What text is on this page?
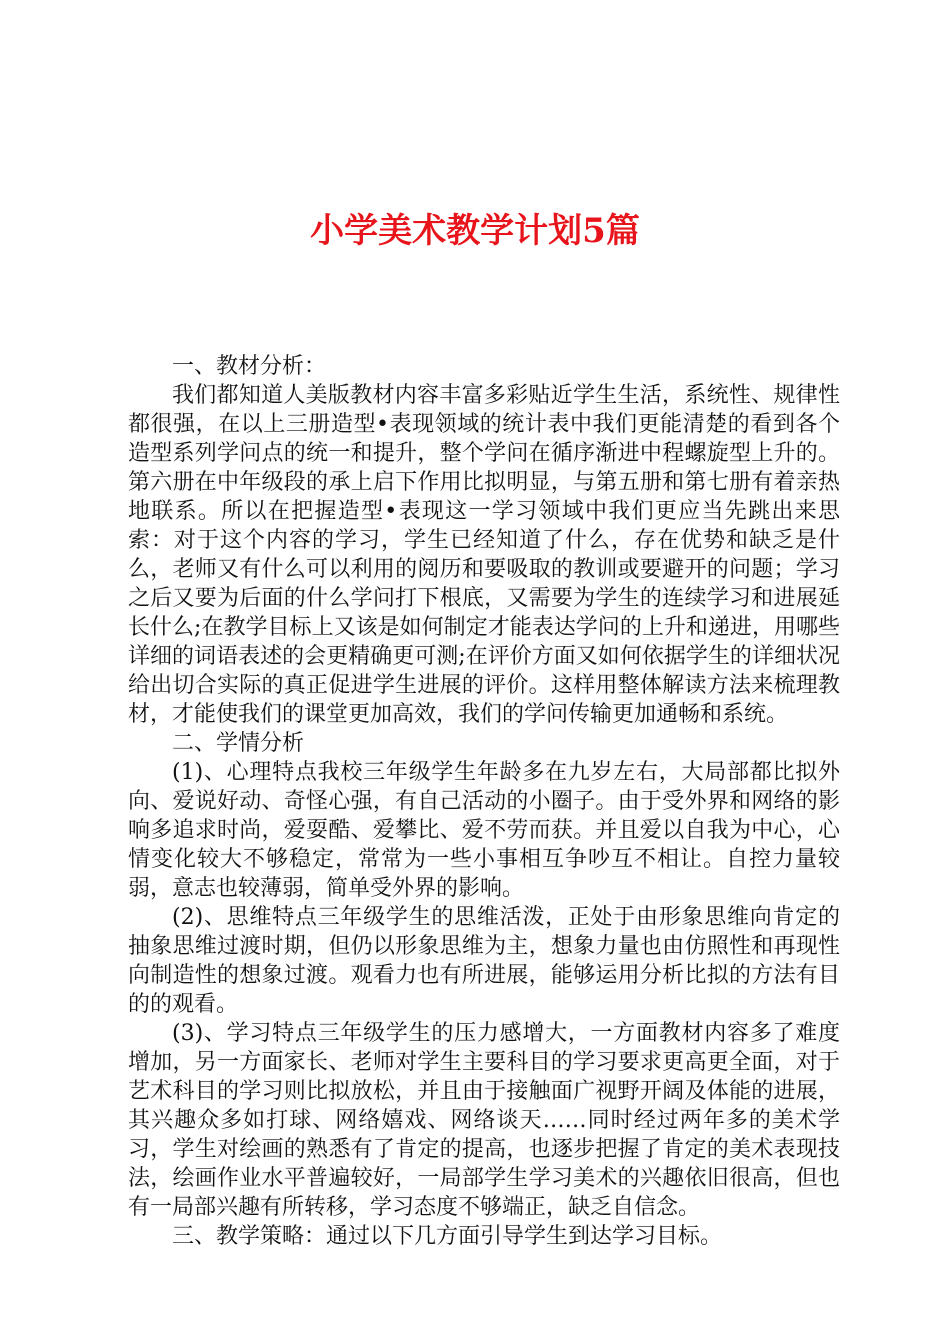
小学美术教学计划5篇

一、教材分析：

我们都知道人美版教材内容丰富多彩贴近学生生活，系统性、规律性都很强，在以上三册造型•表现领域的统计表中我们更能清楚的看到各个造型系列学问点的统一和提升，整个学问在循序渐进中程螺旋型上升的。第六册在中年级段的承上启下作用比拟明显，与第五册和第七册有着亲热地联系。所以在把握造型•表现这一学习领域中我们更应当先跳出来思索：对于这个内容的学习，学生已经知道了什么，存在优势和缺乏是什么，老师又有什么可以利用的阅历和要吸取的教训或要避开的问题；学习之后又要为后面的什么学问打下根底，又需要为学生的连续学习和进展延长什么;在教学目标上又该是如何制定才能表达学问的上升和递进，用哪些详细的词语表述的会更精确更可测;在评价方面又如何依据学生的详细状况给出切合实际的真正促进学生进展的评价。这样用整体解读方法来梳理教材，才能使我们的课堂更加高效，我们的学问传输更加通畅和系统。

二、学情分析

(1)、心理特点我校三年级学生年龄多在九岁左右，大局部都比拟外向、爱说好动、奇怪心强，有自己活动的小圈子。由于受外界和网络的影响多追求时尚，爱耍酷、爱攀比、爱不劳而获。并且爱以自我为中心，心情变化较大不够稳定，常常为一些小事相互争吵互不相让。自控力量较弱，意志也较薄弱，简单受外界的影响。

(2)、思维特点三年级学生的思维活泼，正处于由形象思维向肯定的抽象思维过渡时期，但仍以形象思维为主，想象力量也由仿照性和再现性向制造性的想象过渡。观看力也有所进展，能够运用分析比拟的方法有目的的观看。

(3)、学习特点三年级学生的压力感增大，一方面教材内容多了难度增加，另一方面家长、老师对学生主要科目的学习要求更高更全面，对于艺术科目的学习则比拟放松，并且由于接触面广视野开阔及体能的进展，其兴趣众多如打球、网络嬉戏、网络谈天……同时经过两年多的美术学习，学生对绘画的熟悉有了肯定的提高，也逐步把握了肯定的美术表现技法，绘画作业水平普遍较好，一局部学生学习美术的兴趣依旧很高，但也有一局部兴趣有所转移，学习态度不够端正，缺乏自信念。

三、教学策略：通过以下几方面引导学生到达学习目标。
